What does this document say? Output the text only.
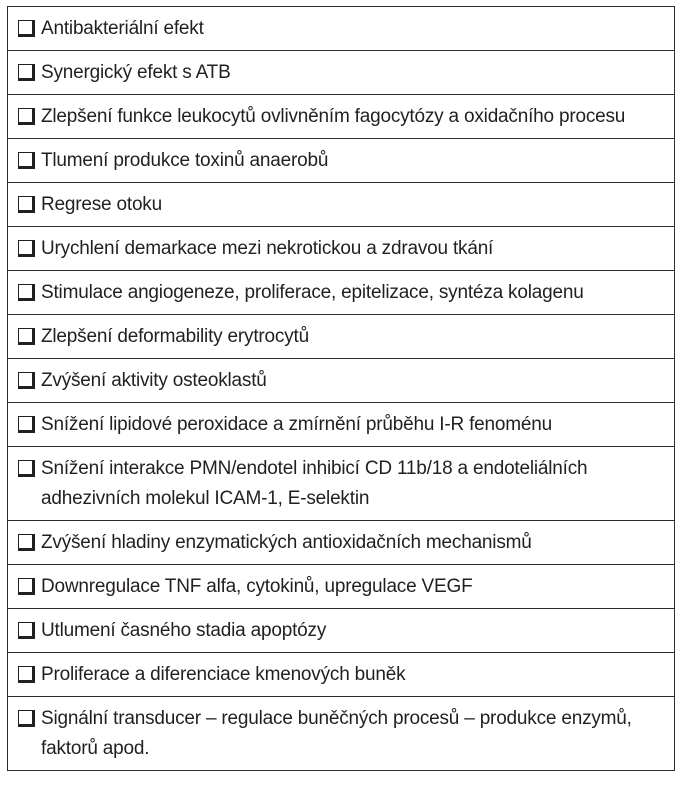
Antibakteriální efekt

Synergický efekt s ATB

Zlepšení funkce leukocytů ovlivněním fagocytózy a oxidačního procesu

Tlumení produkce toxinů anaerobů

Regrese otoku

Urychlení demarkace mezi nekrotickou a zdravou tkání

Stimulace angiogeneze, proliferace, epitelizace, syntéza kolagenu

Zlepšení deformability erytrocytů

Zvýšení aktivity osteoklastů

Snížení lipidové peroxidace a zmírnění průběhu I-R fenoménu

Snížení interakce PMN/endotel inhibicí CD 11b/18 a endoteliálních adhezivních molekul ICAM-1, E-selektin

Zvýšení hladiny enzymatických antioxidačních mechanismů

Downregulace TNF alfa, cytokinů, upregulace VEGF

Utlumení časného stadia apoptózy

Proliferace a diferenciace kmenových buněk

Signální transducer – regulace buněčných procesů – produkce enzymů, faktorů apod.
